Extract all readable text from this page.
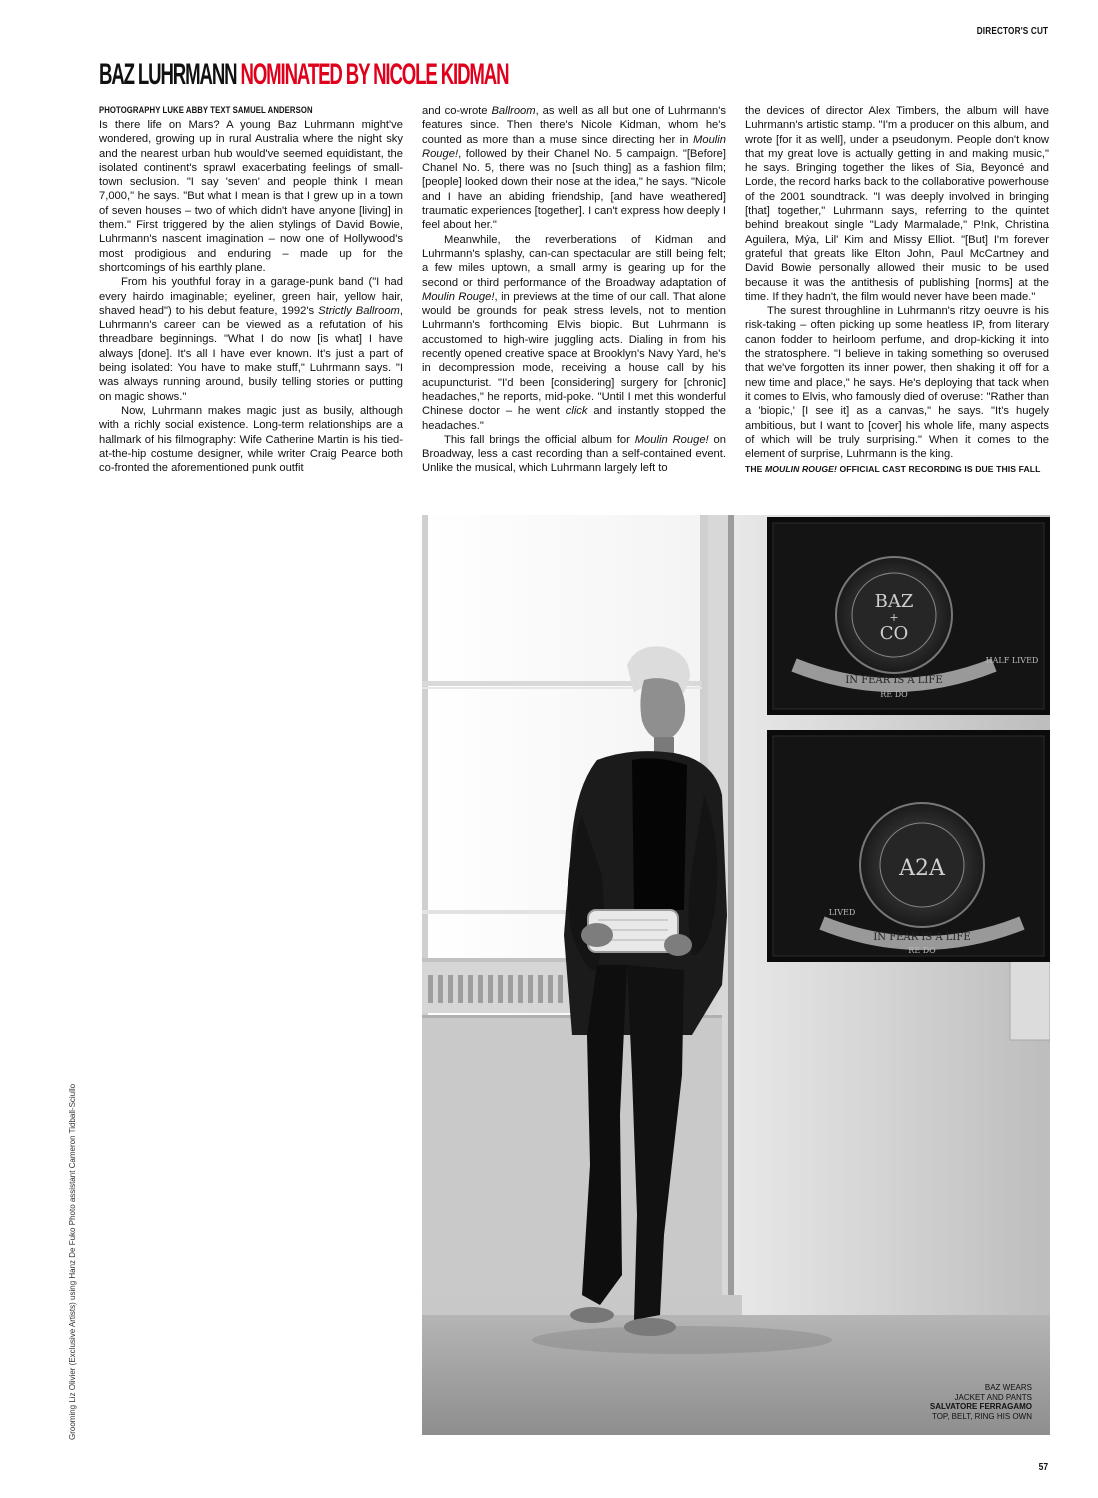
DIRECTOR'S CUT
BAZ LUHRMANN NOMINATED BY NICOLE KIDMAN
PHOTOGRAPHY LUKE ABBY TEXT SAMUEL ANDERSON

Is there life on Mars? A young Baz Luhrmann might've wondered, growing up in rural Australia where the night sky and the nearest urban hub would've seemed equidistant, the isolated continent's sprawl exacerbating feelings of small-town seclusion. "I say 'seven' and people think I mean 7,000," he says. "But what I mean is that I grew up in a town of seven houses – two of which didn't have anyone [living] in them." First triggered by the alien stylings of David Bowie, Luhrmann's nascent imagination – now one of Hollywood's most prodigious and enduring – made up for the shortcomings of his earthly plane.

From his youthful foray in a garage-punk band ("I had every hairdo imaginable; eyeliner, green hair, yellow hair, shaved head") to his debut feature, 1992's Strictly Ballroom, Luhrmann's career can be viewed as a refutation of his threadbare beginnings. "What I do now [is what] I have always [done]. It's all I have ever known. It's just a part of being isolated: You have to make stuff," Luhrmann says. "I was always running around, busily telling stories or putting on magic shows."

Now, Luhrmann makes magic just as busily, although with a richly social existence. Long-term relationships are a hallmark of his filmography: Wife Catherine Martin is his tied-at-the-hip costume designer, while writer Craig Pearce both co-fronted the aforementioned punk outfit

and co-wrote Ballroom, as well as all but one of Luhrmann's features since. Then there's Nicole Kidman, whom he's counted as more than a muse since directing her in Moulin Rouge!, followed by their Chanel No. 5 campaign. "[Before] Chanel No. 5, there was no [such thing] as a fashion film; [people] looked down their nose at the idea," he says. "Nicole and I have an abiding friendship, [and have weathered] traumatic experiences [together]. I can't express how deeply I feel about her."

Meanwhile, the reverberations of Kidman and Luhrmann's splashy, can-can spectacular are still being felt; a few miles uptown, a small army is gearing up for the second or third performance of the Broadway adaptation of Moulin Rouge!, in previews at the time of our call. That alone would be grounds for peak stress levels, not to mention Luhrmann's forthcoming Elvis biopic. But Luhrmann is accustomed to high-wire juggling acts. Dialing in from his recently opened creative space at Brooklyn's Navy Yard, he's in decompression mode, receiving a house call by his acupuncturist. "I'd been [considering] surgery for [chronic] headaches," he reports, mid-poke. "Until I met this wonderful Chinese doctor – he went click and instantly stopped the headaches."

This fall brings the official album for Moulin Rouge! on Broadway, less a cast recording than a self-contained event. Unlike the musical, which Luhrmann largely left to

the devices of director Alex Timbers, the album will have Luhrmann's artistic stamp. "I'm a producer on this album, and wrote [for it as well], under a pseudonym. People don't know that my great love is actually getting in and making music," he says. Bringing together the likes of Sia, Beyoncé and Lorde, the record harks back to the collaborative powerhouse of the 2001 soundtrack. "I was deeply involved in bringing [that] together," Luhrmann says, referring to the quintet behind breakout single "Lady Marmalade," P!nk, Christina Aguilera, Mýa, Lil' Kim and Missy Elliot. "[But] I'm forever grateful that greats like Elton John, Paul McCartney and David Bowie personally allowed their music to be used because it was the antithesis of publishing [norms] at the time. If they hadn't, the film would never have been made."

The surest throughline in Luhrmann's ritzy oeuvre is his risk-taking – often picking up some heatless IP, from literary canon fodder to heirloom perfume, and drop-kicking it into the stratosphere. "I believe in taking something so overused that we've forgotten its inner power, then shaking it off for a new time and place," he says. He's deploying that tack when it comes to Elvis, who famously died of overuse: "Rather than a 'biopic,' [I see it] as a canvas," he says. "It's hugely ambitious, but I want to [cover] his whole life, many aspects of which will be truly surprising." When it comes to the element of surprise, Luhrmann is the king.

THE MOULIN ROUGE! OFFICIAL CAST RECORDING IS DUE THIS FALL

BAZ
+
CO
IN FEAR IS A LIFE
RE DO
HALF LIVED
A2A
IN FEAR IS A LIFE
RE DO
LIVED
BAZ WEARS
JACKET AND PANTS
SALVATORE FERRAGAMO
TOP, BELT, RING HIS OWN
Grooming Liz Olivier (Exclusive Artists) using Hanz De Fuko Photo assistant Cameron Tidball-Sciullo
57
